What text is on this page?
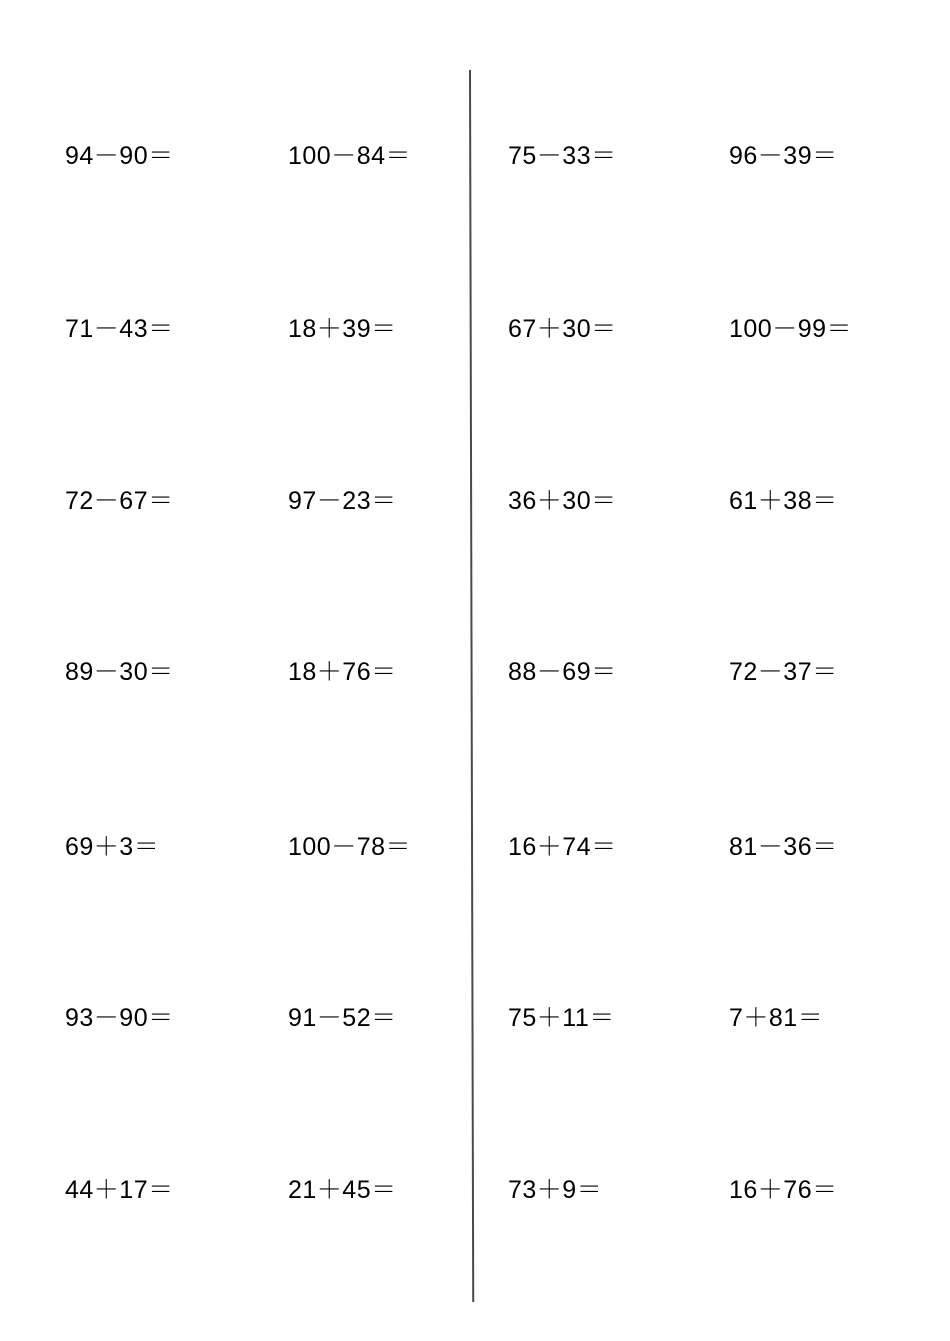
94－90＝	100－84＝	75－33＝	96－39＝
71－43＝	18＋39＝	67＋30＝	100－99＝
72－67＝	97－23＝	36＋30＝	61＋38＝
89－30＝	18＋76＝	88－69＝	72－37＝
69＋3＝	100－78＝	16＋74＝	81－36＝
93－90＝	91－52＝	75＋11＝	7＋81＝
44＋17＝	21＋45＝	73＋9＝	16＋76＝
